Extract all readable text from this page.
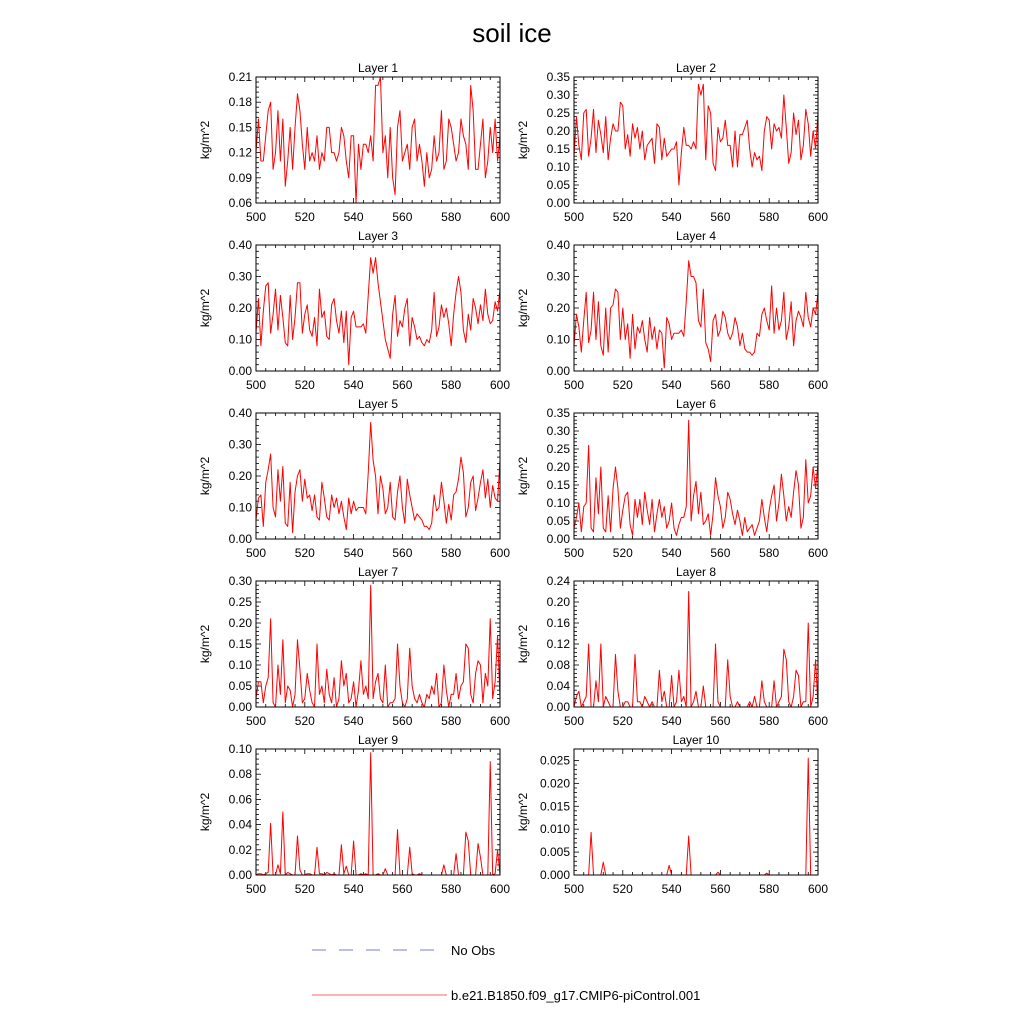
soil ice
Layer 1
kg/m^2
500 520 540 560 580 600
0.06
0.09
0.12
0.15
0.18
0.21
Layer 2
kg/m^2
500 520 540 560 580 600
0.00
0.05
0.10
0.15
0.20
0.25
0.30
0.35
Layer 3
kg/m^2
500 520 540 560 580 600
0.00
0.10
0.20
0.30
0.40
Layer 4
kg/m^2
500 520 540 560 580 600
0.00
0.10
0.20
0.30
0.40
Layer 5
kg/m^2
500 520 540 560 580 600
0.00
0.10
0.20
0.30
0.40
Layer 6
kg/m^2
500 520 540 560 580 600
0.00
0.05
0.10
0.15
0.20
0.25
0.30
0.35
Layer 7
kg/m^2
500 520 540 560 580 600
0.00
0.05
0.10
0.15
0.20
0.25
0.30
Layer 8
kg/m^2
500 520 540 560 580 600
0.00
0.04
0.08
0.12
0.16
0.20
0.24
Layer 9
kg/m^2
500 520 540 560 580 600
0.00
0.02
0.04
0.06
0.08
0.10
Layer 10
kg/m^2
500 520 540 560 580 600
0.000
0.005
0.010
0.015
0.020
0.025
No Obs
b.e21.B1850.f09_g17.CMIP6-piControl.001
